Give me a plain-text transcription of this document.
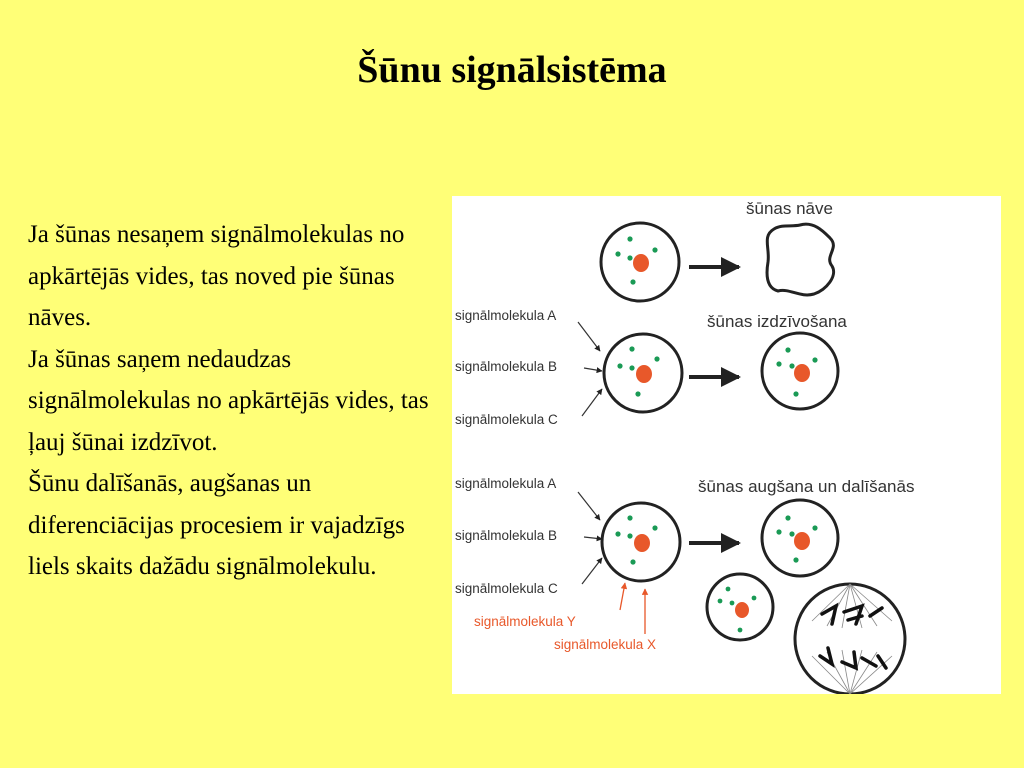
Šūnu signālsistēma

Ja šūnas nesaņem signālmolekulas no apkārtējās vides, tas noved pie šūnas nāves.

Ja šūnas saņem nedaudzas signālmolekulas no apkārtējās vides, tas ļauj šūnai izdzīvot.

Šūnu dalīšanās, augšanas un diferenciācijas procesiem ir vajadzīgs liels skaits dažādu signālmolekulu.

šūnas nāve
signālmolekula A
signālmolekula B
signālmolekula C
šūnas izdzīvošana
signālmolekula A
signālmolekula B
signālmolekula C
signālmolekula Y
signālmolekula X
šūnas augšana un dalīšanās
